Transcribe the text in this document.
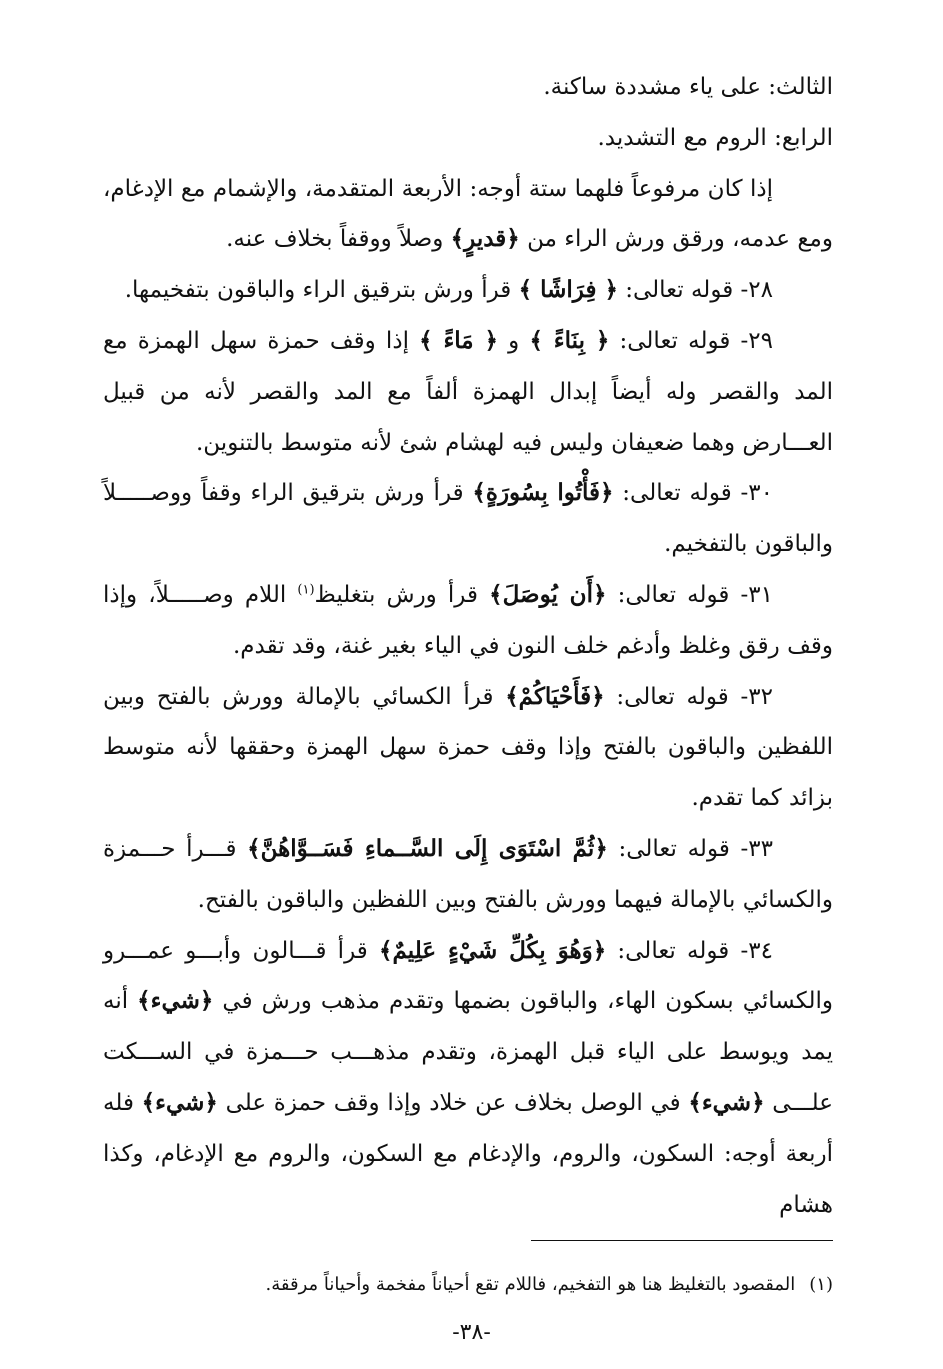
الثالث: على ياء مشددة ساكنة.

الرابع: الروم مع التشديد.

إذا كان مرفوعاً فلهما ستة أوجه: الأربعة المتقدمة، والإشمام مع الإدغام، ومع عدمه، ورقق ورش الراء من ﴿قديرٍ﴾ وصلاً ووقفاً بخلاف عنه.

٢٨- قوله تعالى: ﴿ فِرَاشًا ﴾ قرأ ورش بترقيق الراء والباقون بتفخيمها.

٢٩- قوله تعالى: ﴿ بِنَاءً ﴾ و ﴿ مَاءً ﴾ إذا وقف حمزة سهل الهمزة مع المد والقصر وله أيضاً إبدال الهمزة ألفاً مع المد والقصر لأنه من قبيل العـــارض وهما ضعيفان وليس فيه لهشام شئ لأنه متوسط بالتنوين.

٣٠- قوله تعالى: ﴿فَأْتُوا بِسُورَةٍ﴾ قرأ ورش بترقيق الراء وقفاً ووصـــــلاً والباقون بالتفخيم.

٣١- قوله تعالى: ﴿أَن يُوصَلَ﴾ قرأ ورش بتغليظ$^{(١)}$ اللام وصـــــلاً، وإذا وقف رقق وغلظ وأدغم خلف النون في الياء بغير غنة، وقد تقدم.

٣٢- قوله تعالى: ﴿فَأَحْيَاكُمْ﴾ قرأ الكسائي بالإمالة وورش بالفتح وبين اللفظين والباقون بالفتح وإذا وقف حمزة سهل الهمزة وحققها لأنه متوسط بزائد كما تقدم.

٣٣- قوله تعالى: ﴿ثُمَّ اسْتَوَى إِلَى السَّــماءِ فَسَــوَّاهُنَّ﴾ قـــرأ حـــمزة والكسائي بالإمالة فيهما وورش بالفتح وبين اللفظين والباقون بالفتح.

٣٤- قوله تعالى: ﴿وَهُوَ بِكُلِّ شَيْءٍ عَلِيمٌ﴾ قرأ قـــالون وأبـــو عمـــرو والكسائي بسكون الهاء، والباقون بضمها وتقدم مذهب ورش في ﴿شيء﴾ أنه يمد ويوسط على الياء قبل الهمزة، وتقدم مذهـــب حـــمزة في الســـكت علـــى ﴿شيء﴾ في الوصل بخلاف عن خلاد وإذا وقف حمزة على ﴿شيء﴾ فله أربعة أوجه: السكون، والروم، والإدغام مع السكون، والروم مع الإدغام، وكذا هشام

(١)المقصود بالتغليظ هنا هو التفخيم، فاللام تقع أحياناً مفخمة وأحياناً مرققة.
-٣٨-
